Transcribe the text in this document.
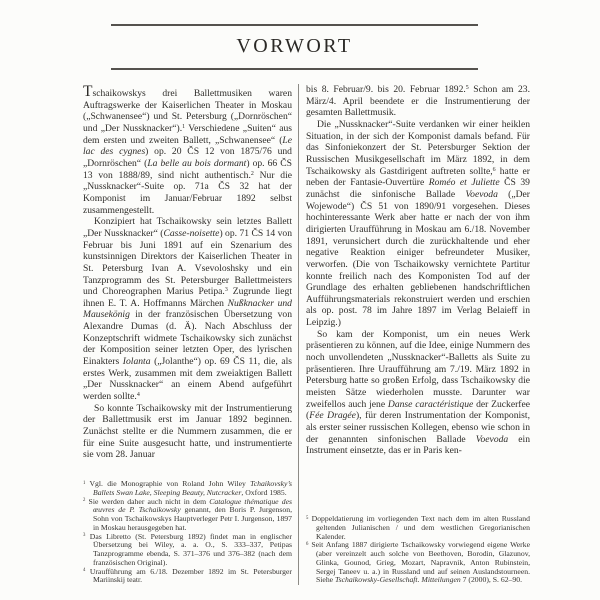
VORWORT

Tschaikowskys drei Ballettmusiken waren Auftragswerke der Kaiserlichen Theater in Moskau („Schwanensee“) und St. Petersburg („Dornröschen“ und „Der Nussknacker“).$^1$ Verschiedene „Suiten“ aus dem ersten und zweiten Ballett, „Schwanensee“ (Le lac des cygnes) op. 20 ČS 12 von 1875/76 und „Dornröschen“ (La belle au bois dormant) op. 66 ČS 13 von 1888/89, sind nicht authentisch.$^2$ Nur die „Nussknacker“-Suite op. 71a ČS 32 hat der Komponist im Januar/Februar 1892 selbst zusammengestellt.

Konzipiert hat Tschaikowsky sein letztes Ballett „Der Nussknacker“ (Casse-noisette) op. 71 ČS 14 von Februar bis Juni 1891 auf ein Szenarium des kunstsinnigen Direktors der Kaiserlichen Theater in St. Petersburg Ivan A. Vsevoloshsky und ein Tanzprogramm des St. Petersburger Ballettmeisters und Choreographen Marius Petipa.$^3$ Zugrunde liegt ihnen E. T. A. Hoffmanns Märchen Nußknacker und Mausekönig in der französischen Übersetzung von Alexandre Dumas (d. Ä). Nach Abschluss der Konzeptschrift widmete Tschaikowsky sich zunächst der Komposition seiner letzten Oper, des lyrischen Einakters Iolanta („Jolanthe“) op. 69 ČS 11, die, als erstes Werk, zusammen mit dem zweiaktigen Ballett „Der Nussknacker“ an einem Abend aufgeführt werden sollte.$^4$

So konnte Tschaikowsky mit der Instrumentierung der Ballettmusik erst im Januar 1892 beginnen. Zunächst stellte er die Nummern zusammen, die er für eine Suite ausgesucht hatte, und instrumentierte sie vom 28. Januar

$^1$ Vgl. die Monographie von Roland John Wiley Tchaikovsky’s Ballets Swan Lake, Sleeping Beauty, Nutcracker, Oxford 1985.

$^2$ Sie werden daher auch nicht in dem Catalogue thématique des œuvres de P. Tschaikowsky genannt, den Boris P. Jurgenson, Sohn von Tschaikowskys Hauptverleger Petr I. Jurgenson, 1897 in Moskau herausgegeben hat.

$^3$ Das Libretto (St. Petersburg 1892) findet man in englischer Übersetzung bei Wiley, a. a. O., S. 333–337, Petipas Tanzprogramme ebenda, S. 371–376 und 376–382 (nach dem französischen Original).

$^4$ Uraufführung am 6./18. Dezember 1892 im St. Petersburger Mariinskij teatr.

bis 8. Februar/9. bis 20. Februar 1892.$^5$ Schon am 23. März/4. April beendete er die Instrumentierung der gesamten Ballettmusik.

Die „Nussknacker“-Suite verdanken wir einer heiklen Situation, in der sich der Komponist damals befand. Für das Sinfoniekonzert der St. Petersburger Sektion der Russischen Musikgesellschaft im März 1892, in dem Tschaikowsky als Gastdirigent auftreten sollte,$^6$ hatte er neben der Fantasie-Ouvertüre Roméo et Juliette ČS 39 zunächst die sinfonische Ballade Voevoda („Der Wojewode“) ČS 51 von 1890/91 vorgesehen. Dieses hochinteressante Werk aber hatte er nach der von ihm dirigierten Uraufführung in Moskau am 6./18. November 1891, verunsichert durch die zurückhaltende und eher negative Reaktion einiger befreundeter Musiker, verworfen. (Die von Tschaikowsky vernichtete Partitur konnte freilich nach des Komponisten Tod auf der Grundlage des erhalten gebliebenen handschriftlichen Aufführungsmaterials rekonstruiert werden und erschien als op. post. 78 im Jahre 1897 im Verlag Belaieff in Leipzig.)

So kam der Komponist, um ein neues Werk präsentieren zu können, auf die Idee, einige Nummern des noch unvollendeten „Nussknacker“-Balletts als Suite zu präsentieren. Ihre Uraufführung am 7./19. März 1892 in Petersburg hatte so großen Erfolg, dass Tschaikowsky die meisten Sätze wiederholen musste. Darunter war zweifellos auch jene Danse caractéristique der Zuckerfee (Fée Dragée), für deren Instrumentation der Komponist, als erster seiner russischen Kollegen, ebenso wie schon in der genannten sinfonischen Ballade Voevoda ein Instrument einsetzte, das er in Paris ken-

$^5$ Doppeldatierung im vorliegenden Text nach dem im alten Russland geltenden Julianischen / und dem westlichen Gregorianischen Kalender.

$^6$ Seit Anfang 1887 dirigierte Tschaikowsky vorwiegend eigene Werke (aber vereinzelt auch solche von Beethoven, Borodin, Glazunov, Glinka, Gounod, Grieg, Mozart, Napravnik, Anton Rubinstein, Sergej Taneev u. a.) in Russland und auf seinen Auslandstourneen. Siehe Tschaikowsky-Gesellschaft. Mitteilungen 7 (2000), S. 62–90.
